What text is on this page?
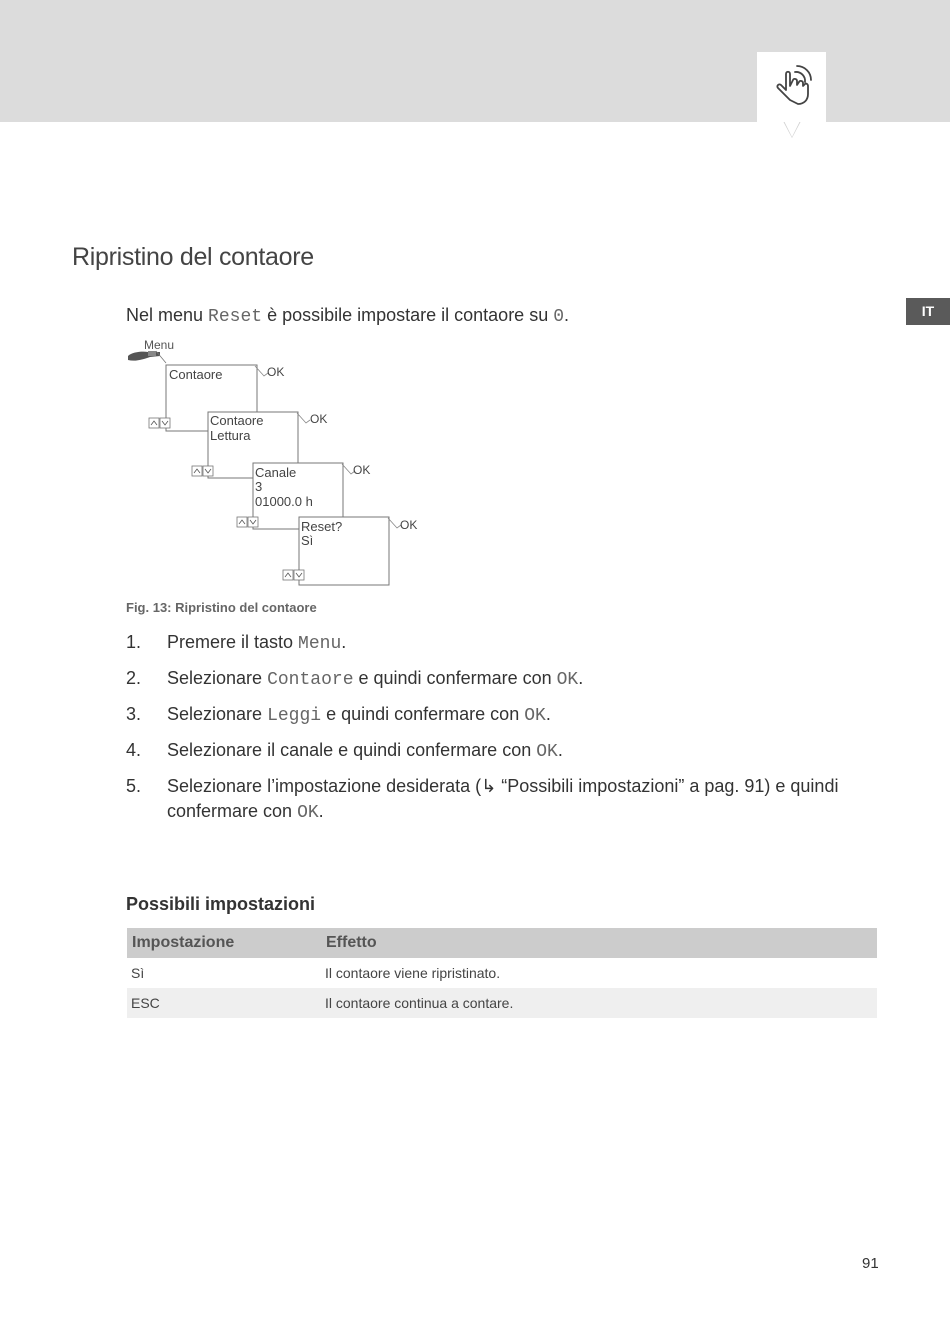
IT
Ripristino del contaore
Nel menu Reset è possibile impostare il contaore su 0.
Menu
Contaore	OK
Contaore
Lettura
OK
Canale
3
01000.0 h
OK
Reset?
Sì
OK
Fig. 13: Ripristino del contaore
1. Premere il tasto Menu.
2. Selezionare Contaore e quindi confermare con OK.
3. Selezionare Leggi e quindi confermare con OK.
4. Selezionare il canale e quindi confermare con OK.
5. Selezionare l’impostazione desiderata (↳ “Possibili impostazioni” a pag. 91) e quindi confermare con OK.
Possibili impostazioni
Impostazione	Effetto
Sì	Il contaore viene ripristinato.
ESC	Il contaore continua a contare.
91
